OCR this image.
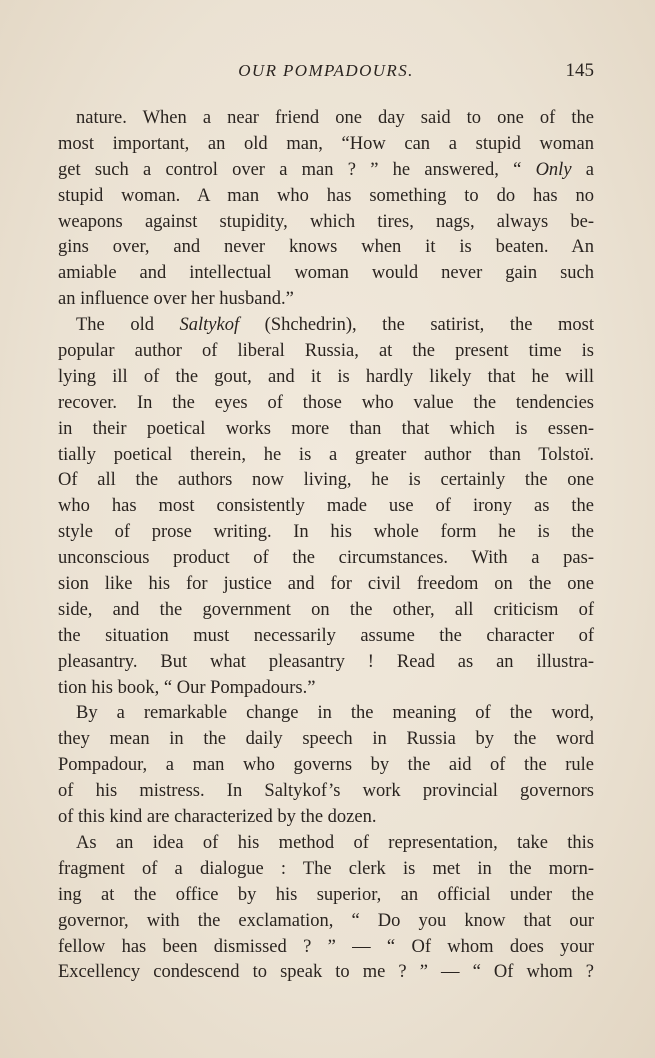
OUR POMPADOURS.	145
nature. When a near friend one day said to one of the
most important, an old man, “How can a stupid woman
get such a control over a man ? ” he answered, “ Only a
stupid woman. A man who has something to do has no
weapons against stupidity, which tires, nags, always be-
gins over, and never knows when it is beaten. An
amiable and intellectual woman would never gain such
an influence over her husband.”
The old Saltykof (Shchedrin), the satirist, the most
popular author of liberal Russia, at the present time is
lying ill of the gout, and it is hardly likely that he will
recover. In the eyes of those who value the tendencies
in their poetical works more than that which is essen-
tially poetical therein, he is a greater author than Tolstoï.
Of all the authors now living, he is certainly the one
who has most consistently made use of irony as the
style of prose writing. In his whole form he is the
unconscious product of the circumstances. With a pas-
sion like his for justice and for civil freedom on the one
side, and the government on the other, all criticism of
the situation must necessarily assume the character of
pleasantry. But what pleasantry ! Read as an illustra-
tion his book, “ Our Pompadours.”
By a remarkable change in the meaning of the word,
they mean in the daily speech in Russia by the word
Pompadour, a man who governs by the aid of the rule
of his mistress. In Saltykof’s work provincial governors
of this kind are characterized by the dozen.
As an idea of his method of representation, take this
fragment of a dialogue : The clerk is met in the morn-
ing at the office by his superior, an official under the
governor, with the exclamation, “ Do you know that our
fellow has been dismissed ? ” — “ Of whom does your
Excellency condescend to speak to me ? ” — “ Of whom ?
